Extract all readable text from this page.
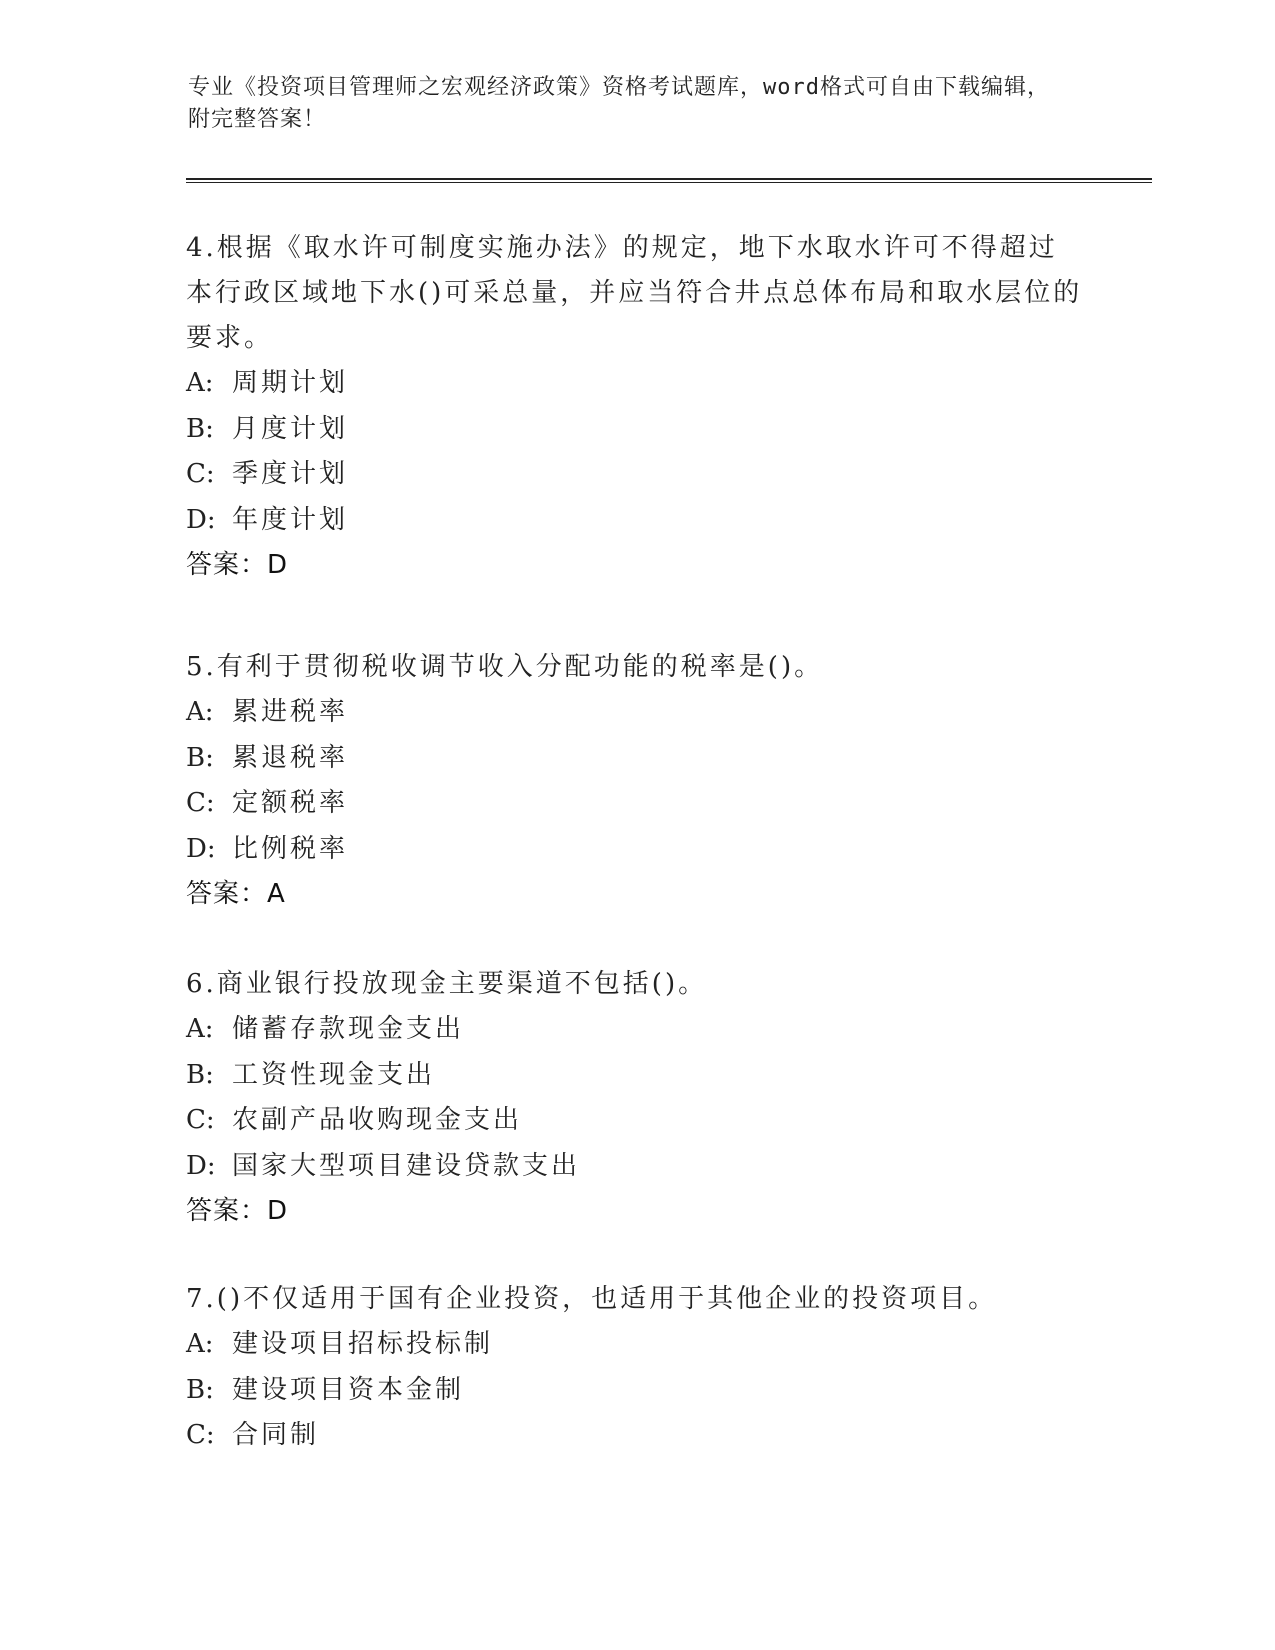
专业《投资项目管理师之宏观经济政策》资格考试题库，word格式可自由下载编辑，附完整答案！

4.根据《取水许可制度实施办法》的规定，地下水取水许可不得超过本行政区域地下水()可采总量，并应当符合井点总体布局和取水层位的要求。

A: 周期计划

B: 月度计划

C: 季度计划

D: 年度计划

答案：D

5.有利于贯彻税收调节收入分配功能的税率是()。

A: 累进税率

B: 累退税率

C: 定额税率

D: 比例税率

答案：A

6.商业银行投放现金主要渠道不包括()。

A: 储蓄存款现金支出

B: 工资性现金支出

C: 农副产品收购现金支出

D: 国家大型项目建设贷款支出

答案：D

7.()不仅适用于国有企业投资，也适用于其他企业的投资项目。

A: 建设项目招标投标制

B: 建设项目资本金制

C: 合同制
